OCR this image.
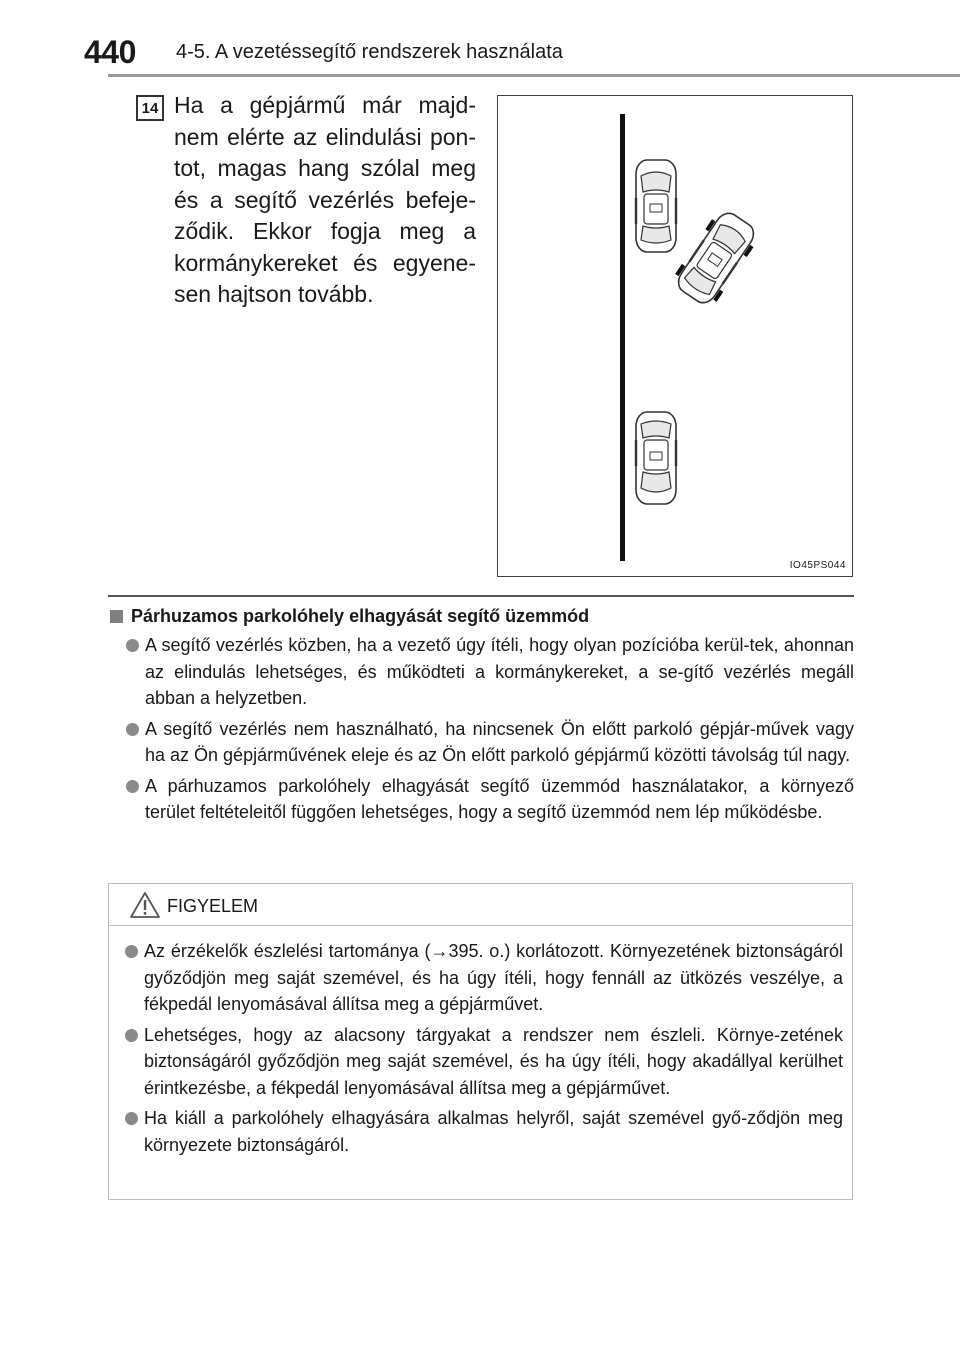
440 4-5. A vezetéssegítő rendszerek használata
14 Ha a gépjármű már majd-nem elérte az elindulási pon-tot, magas hang szólal meg és a segítő vezérlés befeje-ződik. Ekkor fogja meg a kormánykereket és egyene-sen hajtson tovább.
IO45PS044
Párhuzamos parkolóhely elhagyását segítő üzemmód
A segítő vezérlés közben, ha a vezető úgy ítéli, hogy olyan pozícióba kerül-tek, ahonnan az elindulás lehetséges, és működteti a kormánykereket, a se-gítő vezérlés megáll abban a helyzetben.
A segítő vezérlés nem használható, ha nincsenek Ön előtt parkoló gépjár-művek vagy ha az Ön gépjárművének eleje és az Ön előtt parkoló gépjármű közötti távolság túl nagy.
A párhuzamos parkolóhely elhagyását segítő üzemmód használatakor, a környező terület feltételeitől függően lehetséges, hogy a segítő üzemmód nem lép működésbe.
FIGYELEM
Az érzékelők észlelési tartománya (→395. o.) korlátozott. Környezetének biztonságáról győződjön meg saját szemével, és ha úgy ítéli, hogy fennáll az ütközés veszélye, a fékpedál lenyomásával állítsa meg a gépjárművet.
Lehetséges, hogy az alacsony tárgyakat a rendszer nem észleli. Környe-zetének biztonságáról győződjön meg saját szemével, és ha úgy ítéli, hogy akadállyal kerülhet érintkezésbe, a fékpedál lenyomásával állítsa meg a gépjárművet.
Ha kiáll a parkolóhely elhagyására alkalmas helyről, saját szemével győ-ződjön meg környezete biztonságáról.
